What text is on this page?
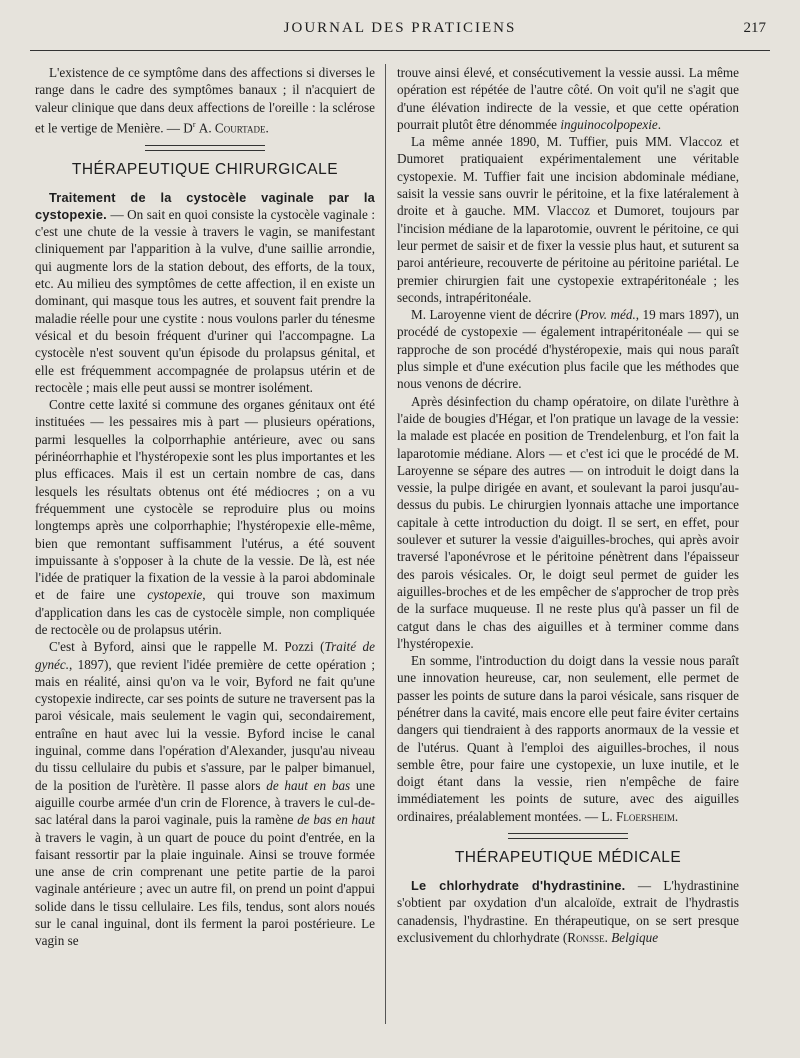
JOURNAL DES PRATICIENS	217

L'existence de ce symptôme dans des affections si diverses le range dans le cadre des symptômes banaux ; il n'acquiert de valeur clinique que dans deux affections de l'oreille : la sclérose et le vertige de Menière. — $D^r$ A. Courtade.

THÉRAPEUTIQUE CHIRURGICALE

Traitement de la cystocèle vaginale par la cystopexie. — On sait en quoi consiste la cystocèle vaginale : c'est une chute de la vessie à travers le vagin, se manifestant cliniquement par l'apparition à la vulve, d'une saillie arrondie, qui augmente lors de la station debout, des efforts, de la toux, etc. Au milieu des symptômes de cette affection, il en existe un dominant, qui masque tous les autres, et souvent fait prendre la maladie réelle pour une cystite : nous voulons parler du ténesme vésical et du besoin fréquent d'uriner qui l'accompagne. La cystocèle n'est souvent qu'un épisode du prolapsus génital, et elle est fréquemment accompagnée de prolapsus utérin et de rectocèle ; mais elle peut aussi se montrer isolément.

Contre cette laxité si commune des organes génitaux ont été instituées — les pessaires mis à part — plusieurs opérations, parmi lesquelles la colporrhaphie antérieure, avec ou sans périnéorrhaphie et l'hystéropexie sont les plus importantes et les plus efficaces. Mais il est un certain nombre de cas, dans lesquels les résultats obtenus ont été médiocres ; on a vu fréquemment une cystocèle se reproduire plus ou moins longtemps après une colporrhaphie; l'hystéropexie elle-même, bien que remontant suffisamment l'utérus, a été souvent impuissante à s'opposer à la chute de la vessie. De là, est née l'idée de pratiquer la fixation de la vessie à la paroi abdominale et de faire une cystopexie, qui trouve son maximum d'application dans les cas de cystocèle simple, non compliquée de rectocèle ou de prolapsus utérin.

C'est à Byford, ainsi que le rappelle M. Pozzi (Traité de gynéc., 1897), que revient l'idée première de cette opération ; mais en réalité, ainsi qu'on va le voir, Byford ne fait qu'une cystopexie indirecte, car ses points de suture ne traversent pas la paroi vésicale, mais seulement le vagin qui, secondairement, entraîne en haut avec lui la vessie. Byford incise le canal inguinal, comme dans l'opération d'Alexander, jusqu'au niveau du tissu cellulaire du pubis et s'assure, par le palper bimanuel, de la position de l'urètère. Il passe alors de haut en bas une aiguille courbe armée d'un crin de Florence, à travers le cul-de-sac latéral dans la paroi vaginale, puis la ramène de bas en haut à travers le vagin, à un quart de pouce du point d'entrée, en la faisant ressortir par la plaie inguinale. Ainsi se trouve formée une anse de crin comprenant une petite partie de la paroi vaginale antérieure ; avec un autre fil, on prend un point d'appui solide dans le tissu cellulaire. Les fils, tendus, sont alors noués sur le canal inguinal, dont ils ferment la paroi postérieure. Le vagin se

trouve ainsi élevé, et consécutivement la vessie aussi. La même opération est répétée de l'autre côté. On voit qu'il ne s'agit que d'une élévation indirecte de la vessie, et que cette opération pourrait plutôt être dénommée inguinocolpopexie.

La même année 1890, M. Tuffier, puis MM. Vlaccoz et Dumoret pratiquaient expérimentalement une véritable cystopexie. M. Tuffier fait une incision abdominale médiane, saisit la vessie sans ouvrir le péritoine, et la fixe latéralement à droite et à gauche. MM. Vlaccoz et Dumoret, toujours par l'incision médiane de la laparotomie, ouvrent le péritoine, ce qui leur permet de saisir et de fixer la vessie plus haut, et suturent sa paroi antérieure, recouverte de péritoine au péritoine pariétal. Le premier chirurgien fait une cystopexie extrapéritonéale ; les seconds, intrapéritonéale.

M. Laroyenne vient de décrire (Prov. méd., 19 mars 1897), un procédé de cystopexie — également intrapéritonéale — qui se rapproche de son procédé d'hystéropexie, mais qui nous paraît plus simple et d'une exécution plus facile que les méthodes que nous venons de décrire.

Après désinfection du champ opératoire, on dilate l'urèthre à l'aide de bougies d'Hégar, et l'on pratique un lavage de la vessie: la malade est placée en position de Trendelenburg, et l'on fait la laparotomie médiane. Alors — et c'est ici que le procédé de M. Laroyenne se sépare des autres — on introduit le doigt dans la vessie, la pulpe dirigée en avant, et soulevant la paroi jusqu'au-dessus du pubis. Le chirurgien lyonnais attache une importance capitale à cette introduction du doigt. Il se sert, en effet, pour soulever et suturer la vessie d'aiguilles-broches, qui après avoir traversé l'aponévrose et le péritoine pénètrent dans l'épaisseur des parois vésicales. Or, le doigt seul permet de guider les aiguilles-broches et de les empêcher de s'approcher de trop près de la surface muqueuse. Il ne reste plus qu'à passer un fil de catgut dans le chas des aiguilles et à terminer comme dans l'hystéropexie.

En somme, l'introduction du doigt dans la vessie nous paraît une innovation heureuse, car, non seulement, elle permet de passer les points de suture dans la paroi vésicale, sans risquer de pénétrer dans la cavité, mais encore elle peut faire éviter certains dangers qui tiendraient à des rapports anormaux de la vessie et de l'utérus. Quant à l'emploi des aiguilles-broches, il nous semble être, pour faire une cystopexie, un luxe inutile, et le doigt étant dans la vessie, rien n'empêche de faire immédiatement les points de suture, avec des aiguilles ordinaires, préalablement montées. — L. Floersheim.

THÉRAPEUTIQUE MÉDICALE

Le chlorhydrate d'hydrastinine. — L'hydrastinine s'obtient par oxydation d'un alcaloïde, extrait de l'hydrastis canadensis, l'hydrastine. En thérapeutique, on se sert presque exclusivement du chlorhydrate (Ronsse. Belgique
